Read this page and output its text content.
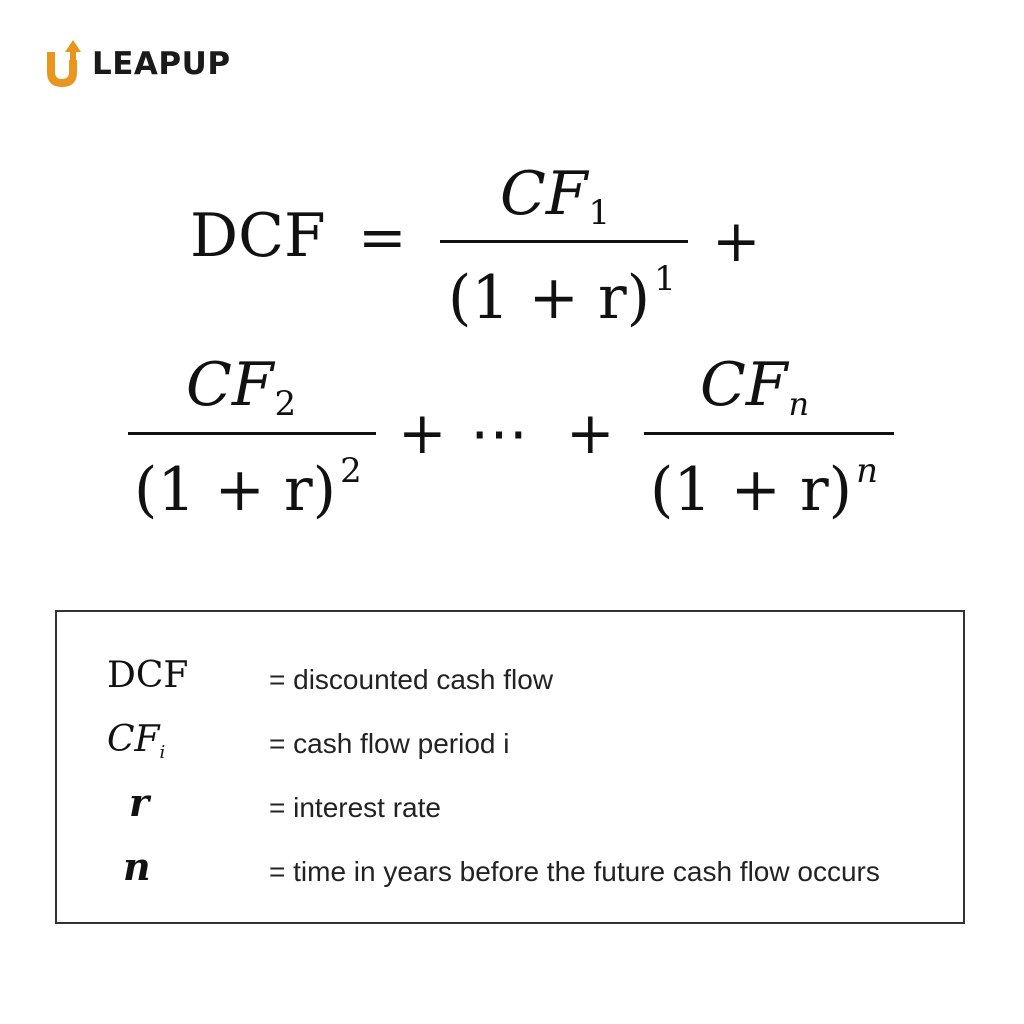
LEAPUP
DCF =
CF1
(1 + r) $^1$
+
CF2
(1 + r) $^2$
+ ⋯ +
CFn
(1 + r) $^n$
DCF	= discounted cash flow
CFi	= cash flow period i
r	= interest rate
n	= time in years before the future cash flow occurs
